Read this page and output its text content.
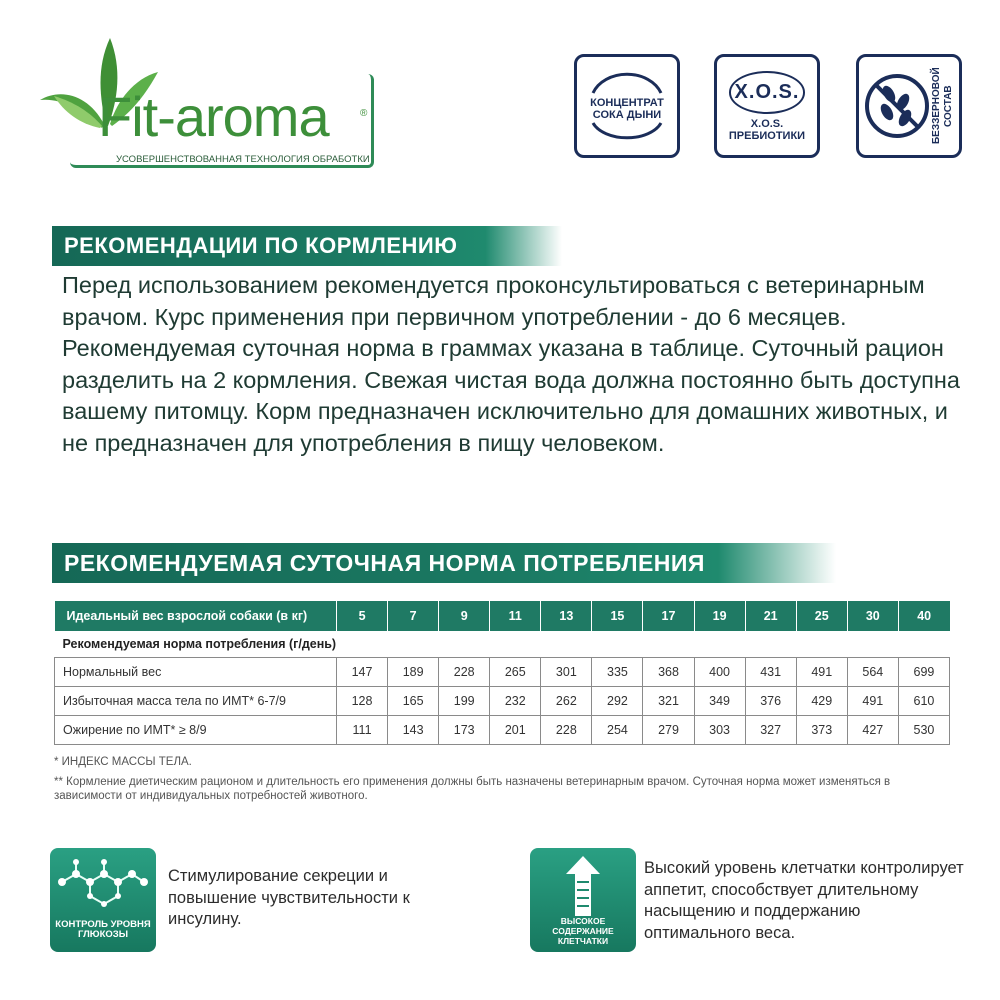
Fit-aroma	®
УСОВЕРШЕНСТВОВАННАЯ ТЕХНОЛОГИЯ ОБРАБОТКИ
КОНЦЕНТРАТ СОКА ДЫНИ
X.O.S.
X.O.S. ПРЕБИОТИКИ	БЕЗЗЕРНОВОЙ СОСТАВ
РЕКОМЕНДАЦИИ ПО КОРМЛЕНИЮ
Перед использованием рекомендуется проконсультироваться с ветеринарным врачом. Курс применения при первичном употреблении - до 6 месяцев. Рекомендуемая суточная норма в граммах указана в таблице. Суточный рацион разделить на 2 кормления. Свежая чистая вода должна постоянно быть доступна вашему питомцу. Корм предназначен исключительно для домашних животных, и не предназначен для употребления в пищу человеком.
РЕКОМЕНДУЕМАЯ СУТОЧНАЯ НОРМА ПОТРЕБЛЕНИЯ
Идеальный вес взрослой собаки (в кг)	5	7	9	11	13	15	17	19	21	25	30	40
Рекомендуемая норма потребления (г/день)												
Нормальный вес	147	189	228	265	301	335	368	400	431	491	564	699
Избыточная масса тела по ИМТ* 6-7/9	128	165	199	232	262	292	321	349	376	429	491	610
Ожирение по ИМТ* ≥ 8/9	111	143	173	201	228	254	279	303	327	373	427	530
* ИНДЕКС МАССЫ ТЕЛА.
** Кормление диетическим рационом и длительность его применения должны быть назначены ветеринарным врачом. Суточная норма может изменяться в зависимости от индивидуальных потребностей животного.
КОНТРОЛЬ УРОВНЯ ГЛЮКОЗЫ
Стимулирование секреции и повышение чувствительности к инсулину.	ВЫСОКОЕ СОДЕРЖАНИЕ КЛЕТЧАТКИ
Высокий уровень клетчатки контролирует аппетит, способствует длительному насыщению и поддержанию оптимального веса.
